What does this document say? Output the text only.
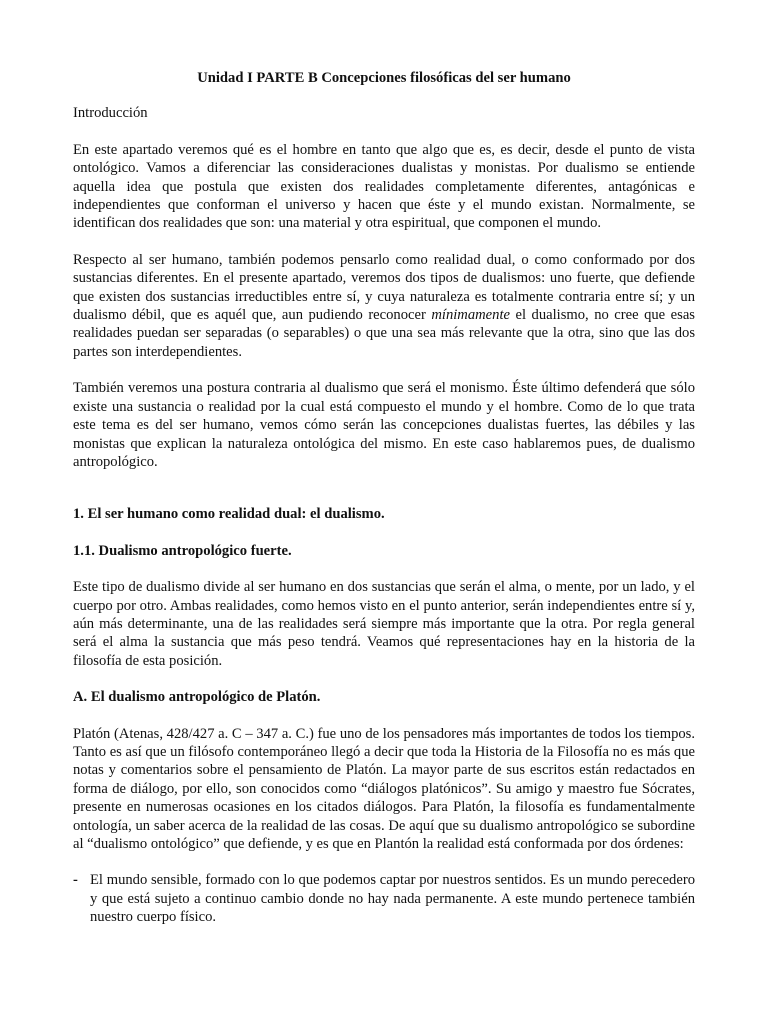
Unidad I PARTE B Concepciones filosóficas del ser humano
Introducción

En este apartado veremos qué es el hombre en tanto que algo que es, es decir, desde el punto de vista ontológico. Vamos a diferenciar las consideraciones dualistas y monistas. Por dualismo se entiende aquella idea que postula que existen dos realidades completamente diferentes, antagónicas e independientes que conforman el universo y hacen que éste y el mundo existan. Normalmente, se identifican dos realidades que son: una material y otra espiritual, que componen el mundo.

Respecto al ser humano, también podemos pensarlo como realidad dual, o como conformado por dos sustancias diferentes. En el presente apartado, veremos dos tipos de dualismos: uno fuerte, que defiende que existen dos sustancias irreductibles entre sí, y cuya naturaleza es totalmente contraria entre sí; y un dualismo débil, que es aquél que, aun pudiendo reconocer mínimamente el dualismo, no cree que esas realidades puedan ser separadas (o separables) o que una sea más relevante que la otra, sino que las dos partes son interdependientes.

También veremos una postura contraria al dualismo que será el monismo. Éste último defenderá que sólo existe una sustancia o realidad por la cual está compuesto el mundo y el hombre. Como de lo que trata este tema es del ser humano, vemos cómo serán las concepciones dualistas fuertes, las débiles y las monistas que explican la naturaleza ontológica del mismo. En este caso hablaremos pues, de dualismo antropológico.

1. El ser humano como realidad dual: el dualismo.
1.1. Dualismo antropológico fuerte.

Este tipo de dualismo divide al ser humano en dos sustancias que serán el alma, o mente, por un lado, y el cuerpo por otro. Ambas realidades, como hemos visto en el punto anterior, serán independientes entre sí y, aún más determinante, una de las realidades será siempre más importante que la otra. Por regla general será el alma la sustancia que más peso tendrá. Veamos qué representaciones hay en la historia de la filosofía de esta posición.

A. El dualismo antropológico de Platón.

Platón (Atenas, 428/427 a. C – 347 a. C.) fue uno de los pensadores más importantes de todos los tiempos. Tanto es así que un filósofo contemporáneo llegó a decir que toda la Historia de la Filosofía no es más que notas y comentarios sobre el pensamiento de Platón. La mayor parte de sus escritos están redactados en forma de diálogo, por ello, son conocidos como “diálogos platónicos”. Su amigo y maestro fue Sócrates, presente en numerosas ocasiones en los citados diálogos. Para Platón, la filosofía es fundamentalmente ontología, un saber acerca de la realidad de las cosas. De aquí que su dualismo antropológico se subordine al “dualismo ontológico” que defiende, y es que en Plantón la realidad está conformada por dos órdenes:

- El mundo sensible, formado con lo que podemos captar por nuestros sentidos. Es un mundo perecedero y que está sujeto a continuo cambio donde no hay nada permanente. A este mundo pertenece también nuestro cuerpo físico.
